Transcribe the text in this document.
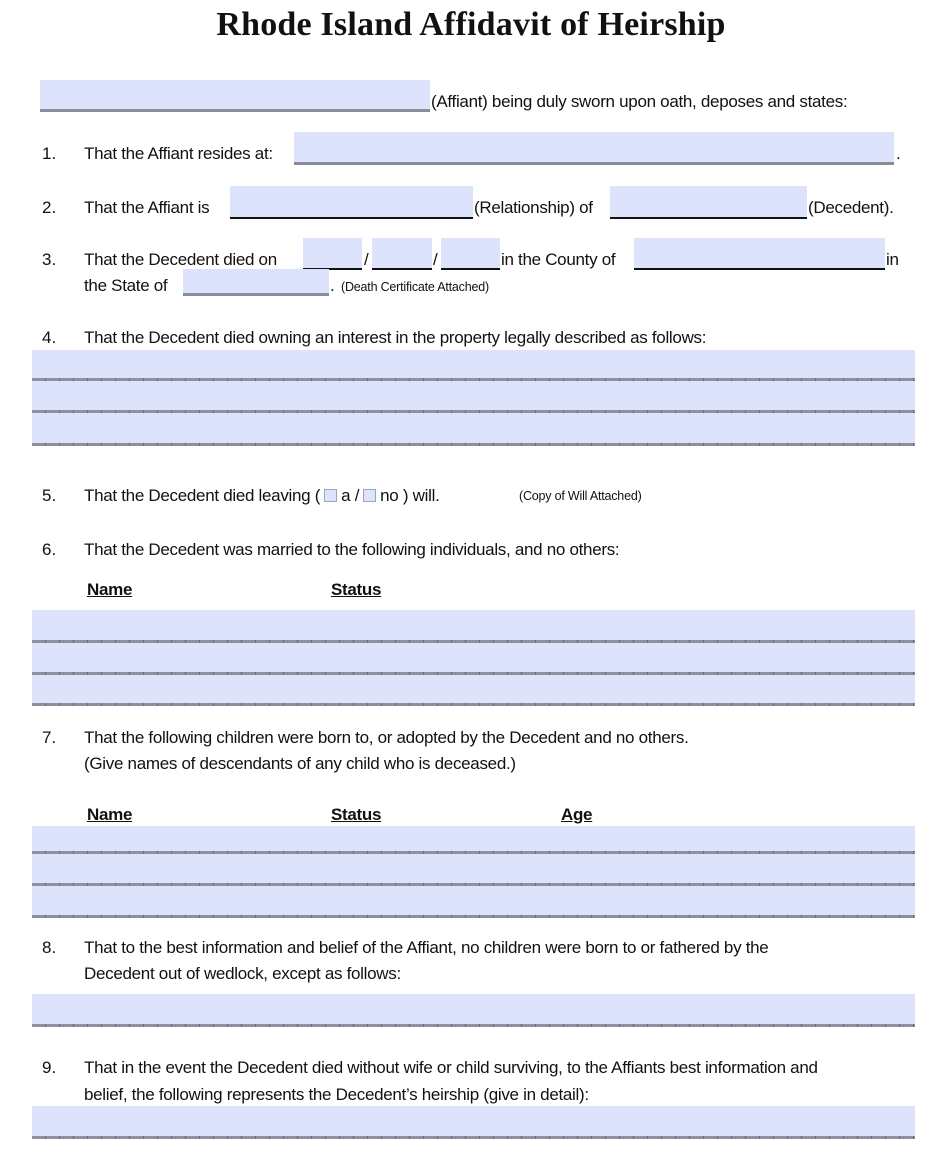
Rhode Island Affidavit of Heirship
(Affiant) being duly sworn upon oath, deposes and states:
1. That the Affiant resides at:	.
2. That the Affiant is	(Relationship) of	(Decedent).
3. That the Decedent died on	/	/	in the County of	in
the State of	. (Death Certificate Attached)
4. That the Decedent died owning an interest in the property legally described as follows:
5. That the Decedent died leaving ( a / no ) will.	(Copy of Will Attached)
6. That the Decedent was married to the following individuals, and no others:
Name	Status
7. That the following children were born to, or adopted by the Decedent and no others.
(Give names of descendants of any child who is deceased.)
Name	Status	Age
8. That to the best information and belief of the Affiant, no children were born to or fathered by the
Decedent out of wedlock, except as follows:
9. That in the event the Decedent died without wife or child surviving, to the Affiants best information and
belief, the following represents the Decedent’s heirship (give in detail):
